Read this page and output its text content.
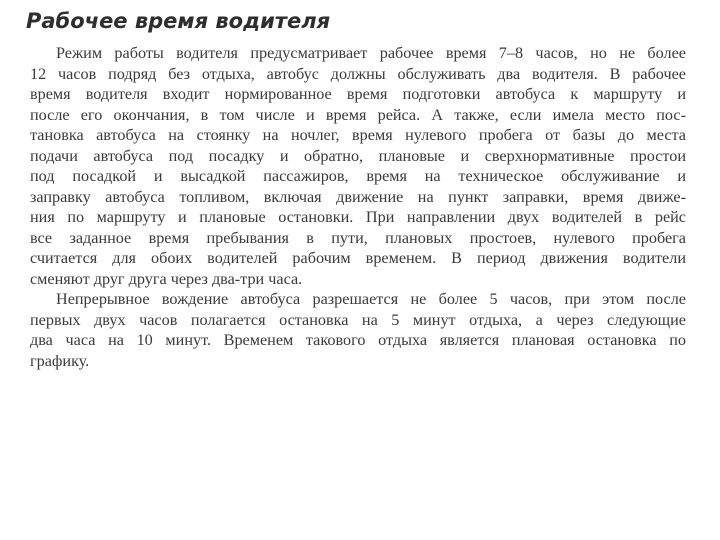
Рабочее время водителя
Режим работы водителя предусматривает рабочее время 7–8 часов, но не более
12 часов подряд без отдыха, автобус должны обслуживать два водителя. В рабочее
время водителя входит нормированное время подготовки автобуса к маршруту и
после его окончания, в том числе и время рейса. А также, если имела место пос-
тановка автобуса на стоянку на ночлег, время нулевого пробега от базы до места
подачи автобуса под посадку и обратно, плановые и сверхнормативные простои
под посадкой и высадкой пассажиров, время на техническое обслуживание и
заправку автобуса топливом, включая движение на пункт заправки, время движе-
ния по маршруту и плановые остановки. При направлении двух водителей в рейс
все заданное время пребывания в пути, плановых простоев, нулевого пробега
считается для обоих водителей рабочим временем. В период движения водители
сменяют друг друга через два-три часа.
Непрерывное вождение автобуса разрешается не более 5 часов, при этом после
первых двух часов полагается остановка на 5 минут отдыха, а через следующие
два часа на 10 минут. Временем такового отдыха является плановая остановка по
графику.
